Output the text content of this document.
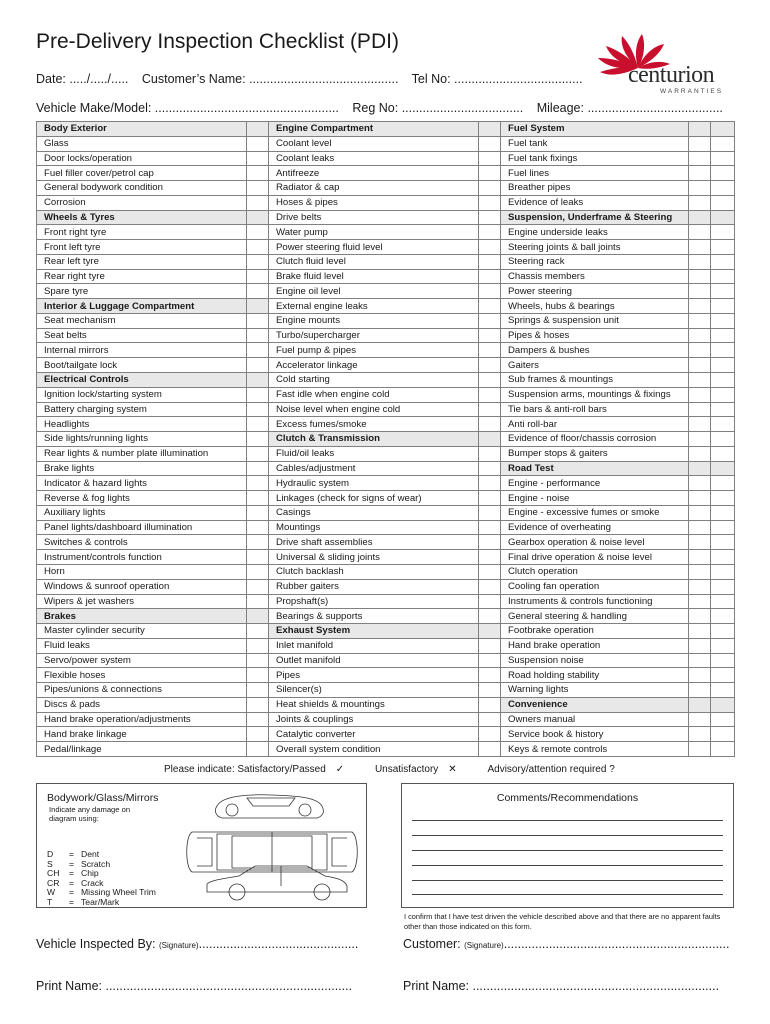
Pre-Delivery Inspection Checklist (PDI)
centurion
WARRANTIES
Date: ...../...../..... Customer’s Name: ........................................... Tel No: .....................................
Vehicle Make/Model: ..................................................... Reg No: ................................... Mileage: .......................................
Body Exterior		Engine Compartment		Fuel System		
Glass		Coolant level		Fuel tank		
Door locks/operation		Coolant leaks		Fuel tank fixings		
Fuel filler cover/petrol cap		Antifreeze		Fuel lines		
General bodywork condition		Radiator & cap		Breather pipes		
Corrosion		Hoses & pipes		Evidence of leaks		
Wheels & Tyres		Drive belts		Suspension, Underframe & Steering		
Front right tyre		Water pump		Engine underside leaks		
Front left tyre		Power steering fluid level		Steering joints & ball joints		
Rear left tyre		Clutch fluid level		Steering rack		
Rear right tyre		Brake fluid level		Chassis members		
Spare tyre		Engine oil level		Power steering		
Interior & Luggage Compartment		External engine leaks		Wheels, hubs & bearings		
Seat mechanism		Engine mounts		Springs & suspension unit		
Seat belts		Turbo/supercharger		Pipes & hoses		
Internal mirrors		Fuel pump & pipes		Dampers & bushes		
Boot/tailgate lock		Accelerator linkage		Gaiters		
Electrical Controls		Cold starting		Sub frames & mountings		
Ignition lock/starting system		Fast idle when engine cold		Suspension arms, mountings & fixings		
Battery charging system		Noise level when engine cold		Tie bars & anti-roll bars		
Headlights		Excess fumes/smoke		Anti roll-bar		
Side lights/running lights		Clutch & Transmission		Evidence of floor/chassis corrosion		
Rear lights & number plate illumination		Fluid/oil leaks		Bumper stops & gaiters		
Brake lights		Cables/adjustment		Road Test		
Indicator & hazard lights		Hydraulic system		Engine - performance		
Reverse & fog lights		Linkages (check for signs of wear)		Engine - noise		
Auxiliary lights		Casings		Engine - excessive fumes or smoke		
Panel lights/dashboard illumination		Mountings		Evidence of overheating		
Switches & controls		Drive shaft assemblies		Gearbox operation & noise level		
Instrument/controls function		Universal & sliding joints		Final drive operation & noise level		
Horn		Clutch backlash		Clutch operation		
Windows & sunroof operation		Rubber gaiters		Cooling fan operation		
Wipers & jet washers		Propshaft(s)		Instruments & controls functioning		
Brakes		Bearings & supports		General steering & handling		
Master cylinder security		Exhaust System		Footbrake operation		
Fluid leaks		Inlet manifold		Hand brake operation		
Servo/power system		Outlet manifold		Suspension noise		
Flexible hoses		Pipes		Road holding stability		
Pipes/unions & connections		Silencer(s)		Warning lights		
Discs & pads		Heat shields & mountings		Convenience		
Hand brake operation/adjustments		Joints & couplings		Owners manual		
Hand brake linkage		Catalytic converter		Service book & history		
Pedal/linkage		Overall system condition		Keys & remote controls		
Please indicate: Satisfactory/Passed ✓	Unsatisfactory ✕	Advisory/attention required ?
Bodywork/Glass/Mirrors
Indicate any damage on diagram using:
D	= Dent
S	= Scratch
CH	= Chip
CR	= Crack
W	= Missing Wheel Trim
T	= Tear/Mark
Comments/Recommendations
I confirm that I have test driven the vehicle described above and that there are no apparent faults other than those indicated on this form.
Vehicle Inspected By: (Signature)..............................................	Customer: (Signature).................................................................
Print Name: .......................................................................	Print Name: .......................................................................
